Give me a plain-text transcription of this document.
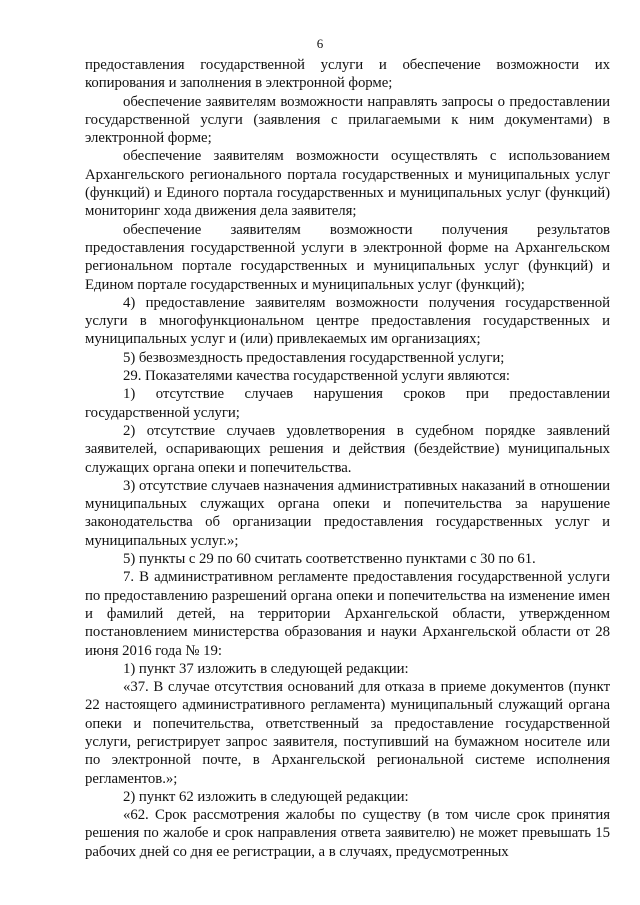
6

предоставления государственной услуги и обеспечение возможности их копирования и заполнения в электронной форме;

обеспечение заявителям возможности направлять запросы о предоставлении государственной услуги (заявления с прилагаемыми к ним документами) в электронной форме;

обеспечение заявителям возможности осуществлять с использованием Архангельского регионального портала государственных и муниципальных услуг (функций) и Единого портала государственных и муниципальных услуг (функций) мониторинг хода движения дела заявителя;

обеспечение заявителям возможности получения результатов предоставления государственной услуги в электронной форме на Архангельском региональном портале государственных и муниципальных услуг (функций) и Едином портале государственных и муниципальных услуг (функций);

4) предоставление заявителям возможности получения государственной услуги в многофункциональном центре предоставления государственных и муниципальных услуг и (или) привлекаемых им организациях;

5) безвозмездность предоставления государственной услуги;

29. Показателями качества государственной услуги являются:

1) отсутствие случаев нарушения сроков при предоставлении государственной услуги;

2) отсутствие случаев удовлетворения в судебном порядке заявлений заявителей, оспаривающих решения и действия (бездействие) муниципальных служащих органа опеки и попечительства.

3) отсутствие случаев назначения административных наказаний в отношении муниципальных служащих органа опеки и попечительства за нарушение законодательства об организации предоставления государственных услуг и муниципальных услуг.»;

5) пункты с 29 по 60 считать соответственно пунктами с 30 по 61.

7. В административном регламенте предоставления государственной услуги по предоставлению разрешений органа опеки и попечительства на изменение имен и фамилий детей, на территории Архангельской области, утвержденном постановлением министерства образования и науки Архангельской области от 28 июня 2016 года № 19:

1) пункт 37 изложить в следующей редакции:

«37. В случае отсутствия оснований для отказа в приеме документов (пункт 22 настоящего административного регламента) муниципальный служащий органа опеки и попечительства, ответственный за предоставление государственной услуги, регистрирует запрос заявителя, поступивший на бумажном носителе или по электронной почте, в Архангельской региональной системе исполнения регламентов.»;

2) пункт 62 изложить в следующей редакции:

«62. Срок рассмотрения жалобы по существу (в том числе срок принятия решения по жалобе и срок направления ответа заявителю) не может превышать 15 рабочих дней со дня ее регистрации, а в случаях, предусмотренных
